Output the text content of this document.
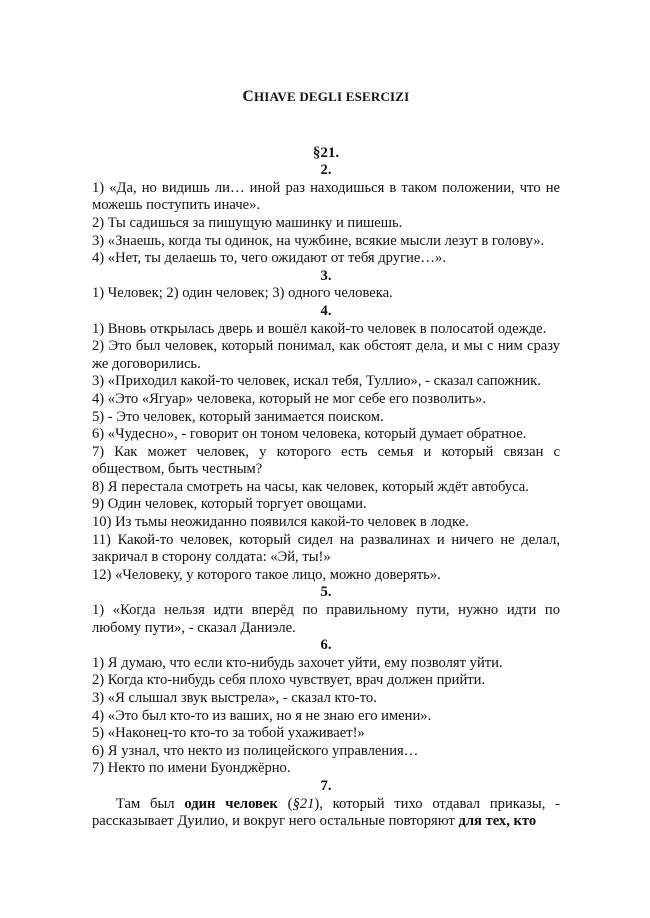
CHIAVE DEGLI ESERCIZI
§21.
2.

1) «Да, но видишь ли… иной раз находишься в таком положении, что не можешь поступить иначе».

2) Ты садишься за пишущую машинку и пишешь.

3) «Знаешь, когда ты одинок, на чужбине, всякие мысли лезут в голову».

4) «Нет, ты делаешь то, чего ожидают от тебя другие…».

3.

1) Человек; 2) один человек; 3) одного человека.

4.

1) Вновь открылась дверь и вошёл какой-то человек в полосатой одежде.

2) Это был человек, который понимал, как обстоят дела, и мы с ним сразу же договорились.

3) «Приходил какой-то человек, искал тебя, Туллио», - сказал сапожник.

4) «Это «Ягуар» человека, который не мог себе его позволить».

5) - Это человек, который занимается поиском.

6) «Чудесно», - говорит он тоном человека, который думает обратное.

7) Как может человек, у которого есть семья и который связан с обществом, быть честным?

8) Я перестала смотреть на часы, как человек, который ждёт автобуса.

9) Один человек, который торгует овощами.

10) Из тьмы неожиданно появился какой-то человек в лодке.

11) Какой-то человек, который сидел на развалинах и ничего не делал, закричал в сторону солдата: «Эй, ты!»

12) «Человеку, у которого такое лицо, можно доверять».

5.

1) «Когда нельзя идти вперёд по правильному пути, нужно идти по любому пути», - сказал Даниэле.

6.

1) Я думаю, что если кто-нибудь захочет уйти, ему позволят уйти.

2) Когда кто-нибудь себя плохо чувствует, врач должен прийти.

3) «Я слышал звук выстрела», - сказал кто-то.

4) «Это был кто-то из ваших, но я не знаю его имени».

5) «Наконец-то кто-то за тобой ухаживает!»

6) Я узнал, что некто из полицейского управления…

7) Некто по имени Буонджёрно.

7.

Там был один человек (§21), который тихо отдавал приказы, - рассказывает Дуилио, и вокруг него остальные повторяют для тех, кто
